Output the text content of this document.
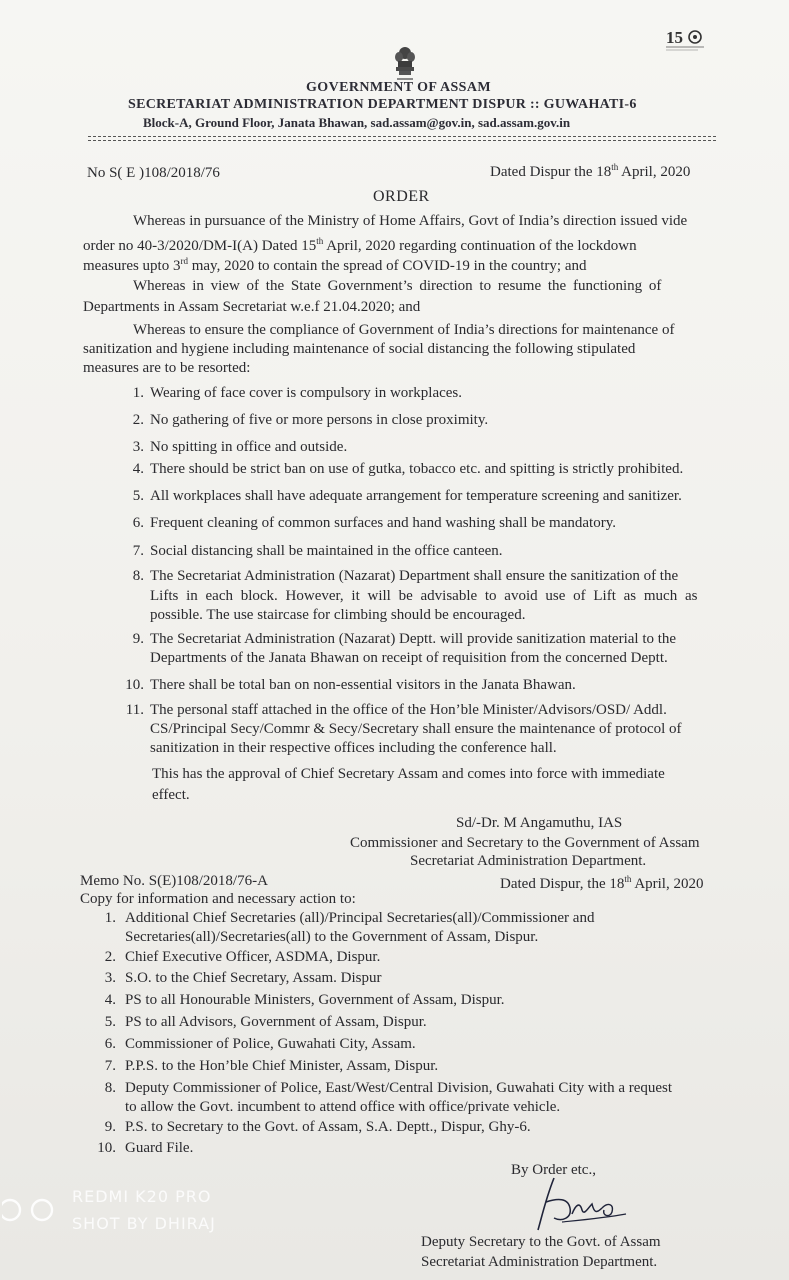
15
GOVERNMENT OF ASSAM
SECRETARIAT ADMINISTRATION DEPARTMENT DISPUR :: GUWAHATI-6
Block-A, Ground Floor, Janata Bhawan, sad.assam@gov.in, sad.assam.gov.in
No S( E )108/2018/76	Dated Dispur the 18th April, 2020
ORDER
Whereas in pursuance of the Ministry of Home Affairs, Govt of India’s direction issued vide
order no 40-3/2020/DM-I(A) Dated 15th April, 2020 regarding continuation of the lockdown
measures upto 3rd may, 2020 to contain the spread of COVID-19 in the country; and
Whereas in view of the State Government’s direction to resume the functioning of
Departments in Assam Secretariat w.e.f 21.04.2020; and
Whereas to ensure the compliance of Government of India’s directions for maintenance of
sanitization and hygiene including maintenance of social distancing the following stipulated
measures are to be resorted:
1. Wearing of face cover is compulsory in workplaces.
2. No gathering of five or more persons in close proximity.
3. No spitting in office and outside.
4. There should be strict ban on use of gutka, tobacco etc. and spitting is strictly prohibited.
5. All workplaces shall have adequate arrangement for temperature screening and sanitizer.
6. Frequent cleaning of common surfaces and hand washing shall be mandatory.
7. Social distancing shall be maintained in the office canteen.
8. The Secretariat Administration (Nazarat) Department shall ensure the sanitization of the
Lifts in each block. However, it will be advisable to avoid use of Lift as much as
possible. The use staircase for climbing should be encouraged.
9. The Secretariat Administration (Nazarat) Deptt. will provide sanitization material to the
Departments of the Janata Bhawan on receipt of requisition from the concerned Deptt.
10. There shall be total ban on non-essential visitors in the Janata Bhawan.
11. The personal staff attached in the office of the Hon’ble Minister/Advisors/OSD/ Addl.
CS/Principal Secy/Commr & Secy/Secretary shall ensure the maintenance of protocol of
sanitization in their respective offices including the conference hall.
This has the approval of Chief Secretary Assam and comes into force with immediate
effect.
Sd/-Dr. M Angamuthu, IAS
Commissioner and Secretary to the Government of Assam
Secretariat Administration Department.
Memo No. S(E)108/2018/76-A	Dated Dispur, the 18th April, 2020
Copy for information and necessary action to:
1. Additional Chief Secretaries (all)/Principal Secretaries(all)/Commissioner and
Secretaries(all)/Secretaries(all) to the Government of Assam, Dispur.
2. Chief Executive Officer, ASDMA, Dispur.
3. S.O. to the Chief Secretary, Assam. Dispur
4. PS to all Honourable Ministers, Government of Assam, Dispur.
5. PS to all Advisors, Government of Assam, Dispur.
6. Commissioner of Police, Guwahati City, Assam.
7. P.P.S. to the Hon’ble Chief Minister, Assam, Dispur.
8. Deputy Commissioner of Police, East/West/Central Division, Guwahati City with a request
to allow the Govt. incumbent to attend office with office/private vehicle.
9. P.S. to Secretary to the Govt. of Assam, S.A. Deptt., Dispur, Ghy-6.
10. Guard File.
By Order etc.,
Deputy Secretary to the Govt. of Assam
Secretariat Administration Department.
REDMI K20 PRO
SHOT BY DHIRAJ
